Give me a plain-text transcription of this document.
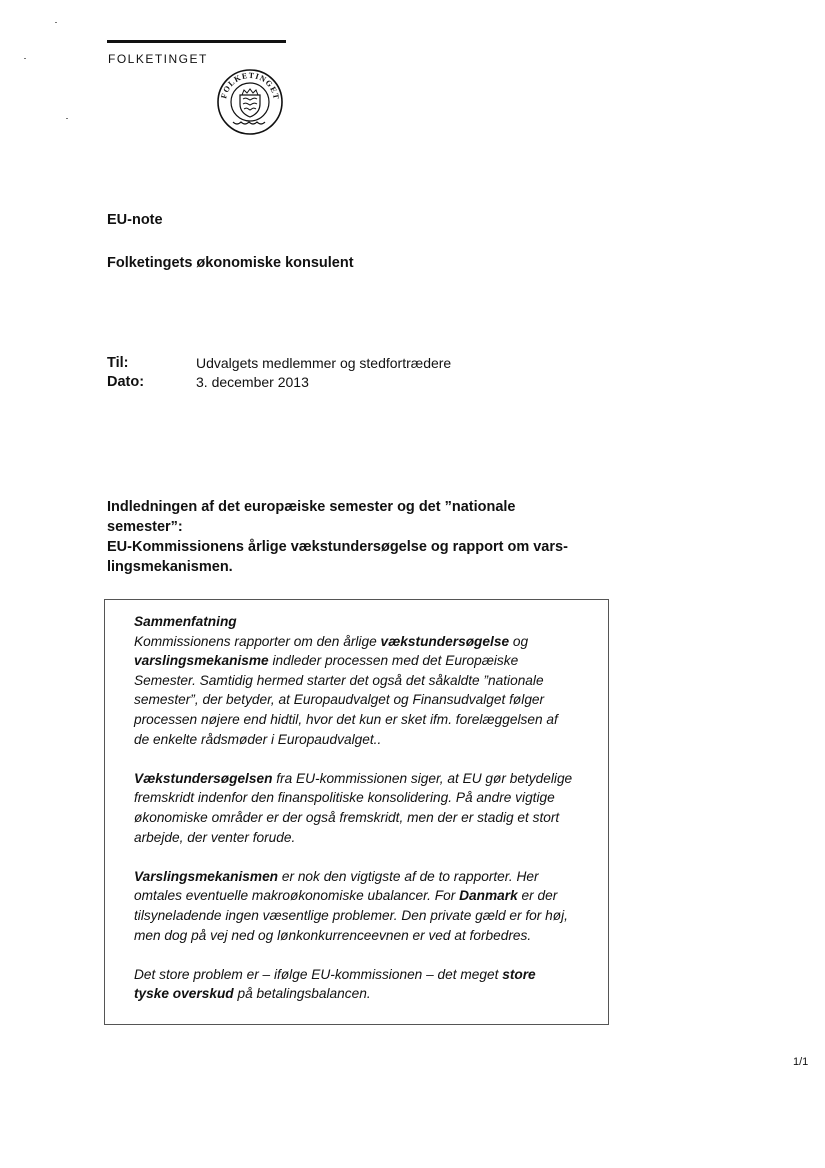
FOLKETINGET
FOLKETINGET
EU-note
Folketingets økonomiske konsulent
Til:	Udvalgets medlemmer og stedfortrædere
Dato:	3. december 2013
Indledningen af det europæiske semester og det ”nationale semester”:
EU-Kommissionens årlige vækstundersøgelse og rapport om vars-
lingsmekanismen.
Sammenfatning

Kommissionens rapporter om den årlige vækstundersøgelse og varslingsmekanisme indleder processen med det Europæiske Semester. Samtidig hermed starter det også det såkaldte ”nationale semester”, der betyder, at Europaudvalget og Finansudvalget følger processen nøjere end hidtil, hvor det kun er sket ifm. forelæggelsen af de enkelte rådsmøder i Europaudvalget..

Vækstundersøgelsen fra EU-kommissionen siger, at EU gør betydelige fremskridt indenfor den finanspolitiske konsolidering. På andre vigtige økonomiske områder er der også fremskridt, men der er stadig et stort arbejde, der venter forude.

Varslingsmekanismen er nok den vigtigste af de to rapporter. Her omtales eventuelle makroøkonomiske ubalancer. For Danmark er der tilsyneladende ingen væsentlige problemer. Den private gæld er for høj, men dog på vej ned og lønkonkurrenceevnen er ved at forbedres.

Det store problem er – ifølge EU-kommissionen – det meget store tyske overskud på betalingsbalancen.

1/1
